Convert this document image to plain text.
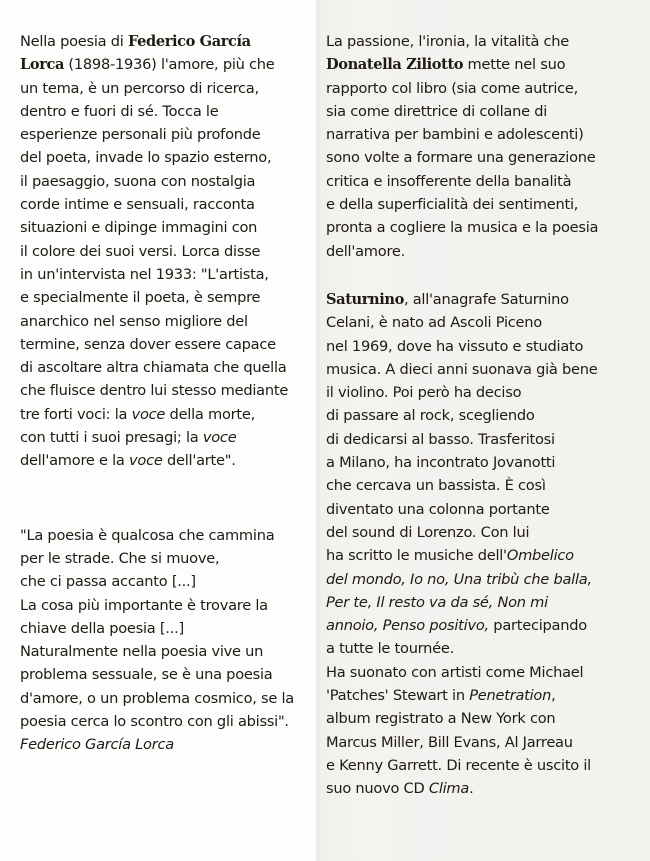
Nella poesia di Federico García
Lorca (1898-1936) l'amore, più che
un tema, è un percorso di ricerca,
dentro e fuori di sé. Tocca le
esperienze personali più profonde
del poeta, invade lo spazio esterno,
il paesaggio, suona con nostalgia
corde intime e sensuali, racconta
situazioni e dipinge immagini con
il colore dei suoi versi. Lorca disse
in un'intervista nel 1933: "L'artista,
e specialmente il poeta, è sempre
anarchico nel senso migliore del
termine, senza dover essere capace
di ascoltare altra chiamata che quella
che fluisce dentro lui stesso mediante
tre forti voci: la voce della morte,
con tutti i suoi presagi; la voce
dell'amore e la voce dell'arte".
"La poesia è qualcosa che cammina
per le strade. Che si muove,
che ci passa accanto [...]
La cosa più importante è trovare la
chiave della poesia [...]
Naturalmente nella poesia vive un
problema sessuale, se è una poesia
d'amore, o un problema cosmico, se la
poesia cerca lo scontro con gli abissi".
Federico García Lorca
La passione, l'ironia, la vitalità che
Donatella Ziliotto mette nel suo
rapporto col libro (sia come autrice,
sia come direttrice di collane di
narrativa per bambini e adolescenti)
sono volte a formare una generazione
critica e insofferente della banalità
e della superficialità dei sentimenti,
pronta a cogliere la musica e la poesia
dell'amore.
Saturnino, all'anagrafe Saturnino
Celani, è nato ad Ascoli Piceno
nel 1969, dove ha vissuto e studiato
musica. A dieci anni suonava già bene
il violino. Poi però ha deciso
di passare al rock, scegliendo
di dedicarsi al basso. Trasferitosi
a Milano, ha incontrato Jovanotti
che cercava un bassista. È così
diventato una colonna portante
del sound di Lorenzo. Con lui
ha scritto le musiche dell'Ombelico
del mondo, Io no, Una tribù che balla,
Per te, Il resto va da sé, Non mi
annoio, Penso positivo, partecipando
a tutte le tournée.
Ha suonato con artisti come Michael
'Patches' Stewart in Penetration,
album registrato a New York con
Marcus Miller, Bill Evans, Al Jarreau
e Kenny Garrett. Di recente è uscito il
suo nuovo CD Clima.
